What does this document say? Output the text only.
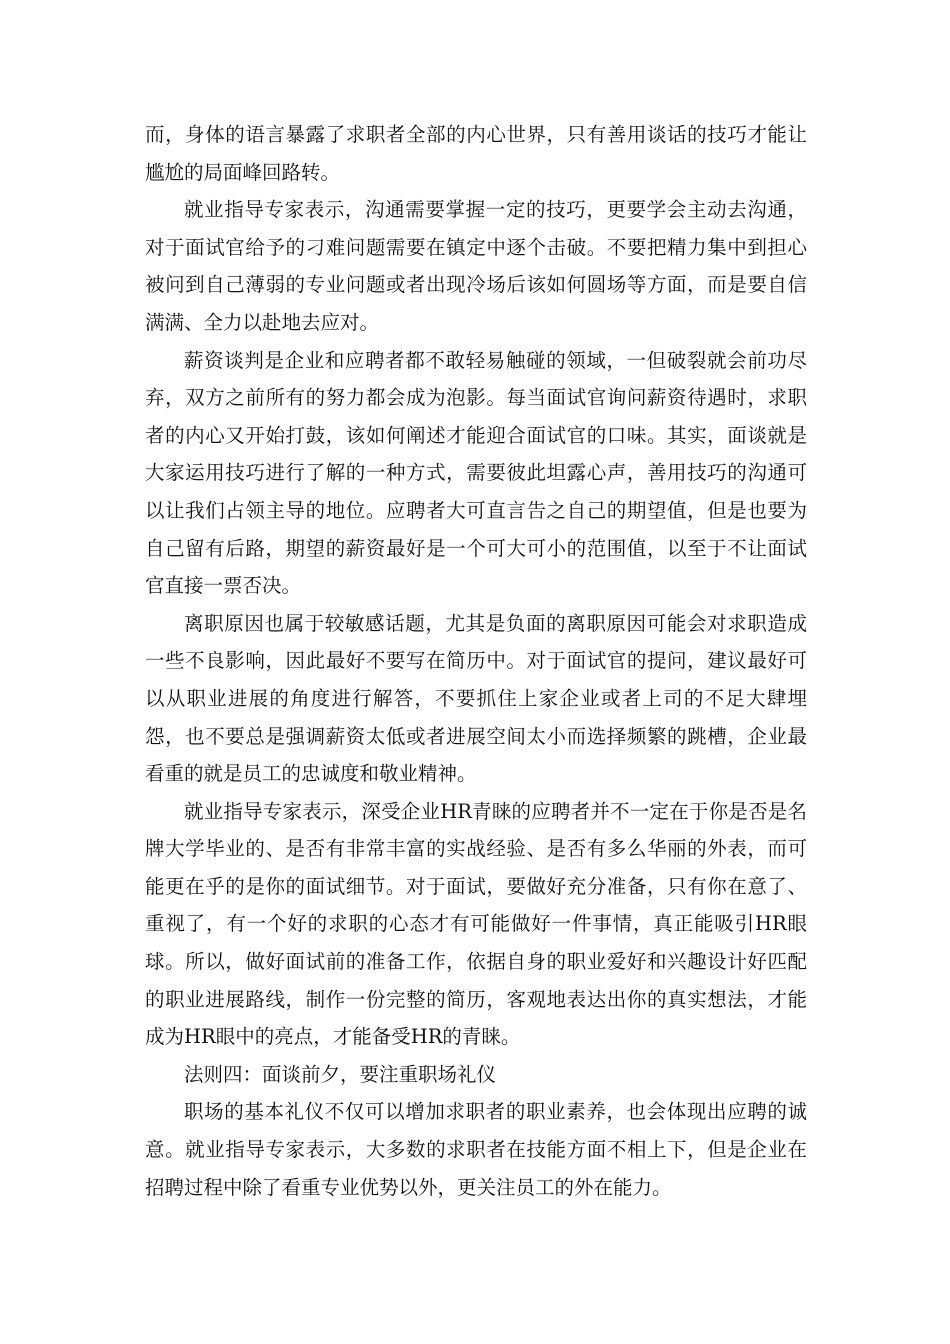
而，身体的语言暴露了求职者全部的内心世界，只有善用谈话的技巧才能让尴尬的局面峰回路转。

就业指导专家表示，沟通需要掌握一定的技巧，更要学会主动去沟通，对于面试官给予的刁难问题需要在镇定中逐个击破。不要把精力集中到担心被问到自己薄弱的专业问题或者出现冷场后该如何圆场等方面，而是要自信满满、全力以赴地去应对。

薪资谈判是企业和应聘者都不敢轻易触碰的领域，一但破裂就会前功尽弃，双方之前所有的努力都会成为泡影。每当面试官询问薪资待遇时，求职者的内心又开始打鼓，该如何阐述才能迎合面试官的口味。其实，面谈就是大家运用技巧进行了解的一种方式，需要彼此坦露心声，善用技巧的沟通可以让我们占领主导的地位。应聘者大可直言告之自己的期望值，但是也要为自己留有后路，期望的薪资最好是一个可大可小的范围值，以至于不让面试官直接一票否决。

离职原因也属于较敏感话题，尤其是负面的离职原因可能会对求职造成一些不良影响，因此最好不要写在简历中。对于面试官的提问，建议最好可以从职业进展的角度进行解答，不要抓住上家企业或者上司的不足大肆埋怨，也不要总是强调薪资太低或者进展空间太小而选择频繁的跳槽，企业最看重的就是员工的忠诚度和敬业精神。

就业指导专家表示，深受企业HR青睐的应聘者并不一定在于你是否是名牌大学毕业的、是否有非常丰富的实战经验、是否有多么华丽的外表，而可能更在乎的是你的面试细节。对于面试，要做好充分准备，只有你在意了、重视了，有一个好的求职的心态才有可能做好一件事情，真正能吸引HR眼球。所以，做好面试前的准备工作，依据自身的职业爱好和兴趣设计好匹配的职业进展路线，制作一份完整的简历，客观地表达出你的真实想法，才能成为HR眼中的亮点，才能备受HR的青睐。

法则四：面谈前夕，要注重职场礼仪

职场的基本礼仪不仅可以增加求职者的职业素养，也会体现出应聘的诚意。就业指导专家表示，大多数的求职者在技能方面不相上下，但是企业在招聘过程中除了看重专业优势以外，更关注员工的外在能力。
